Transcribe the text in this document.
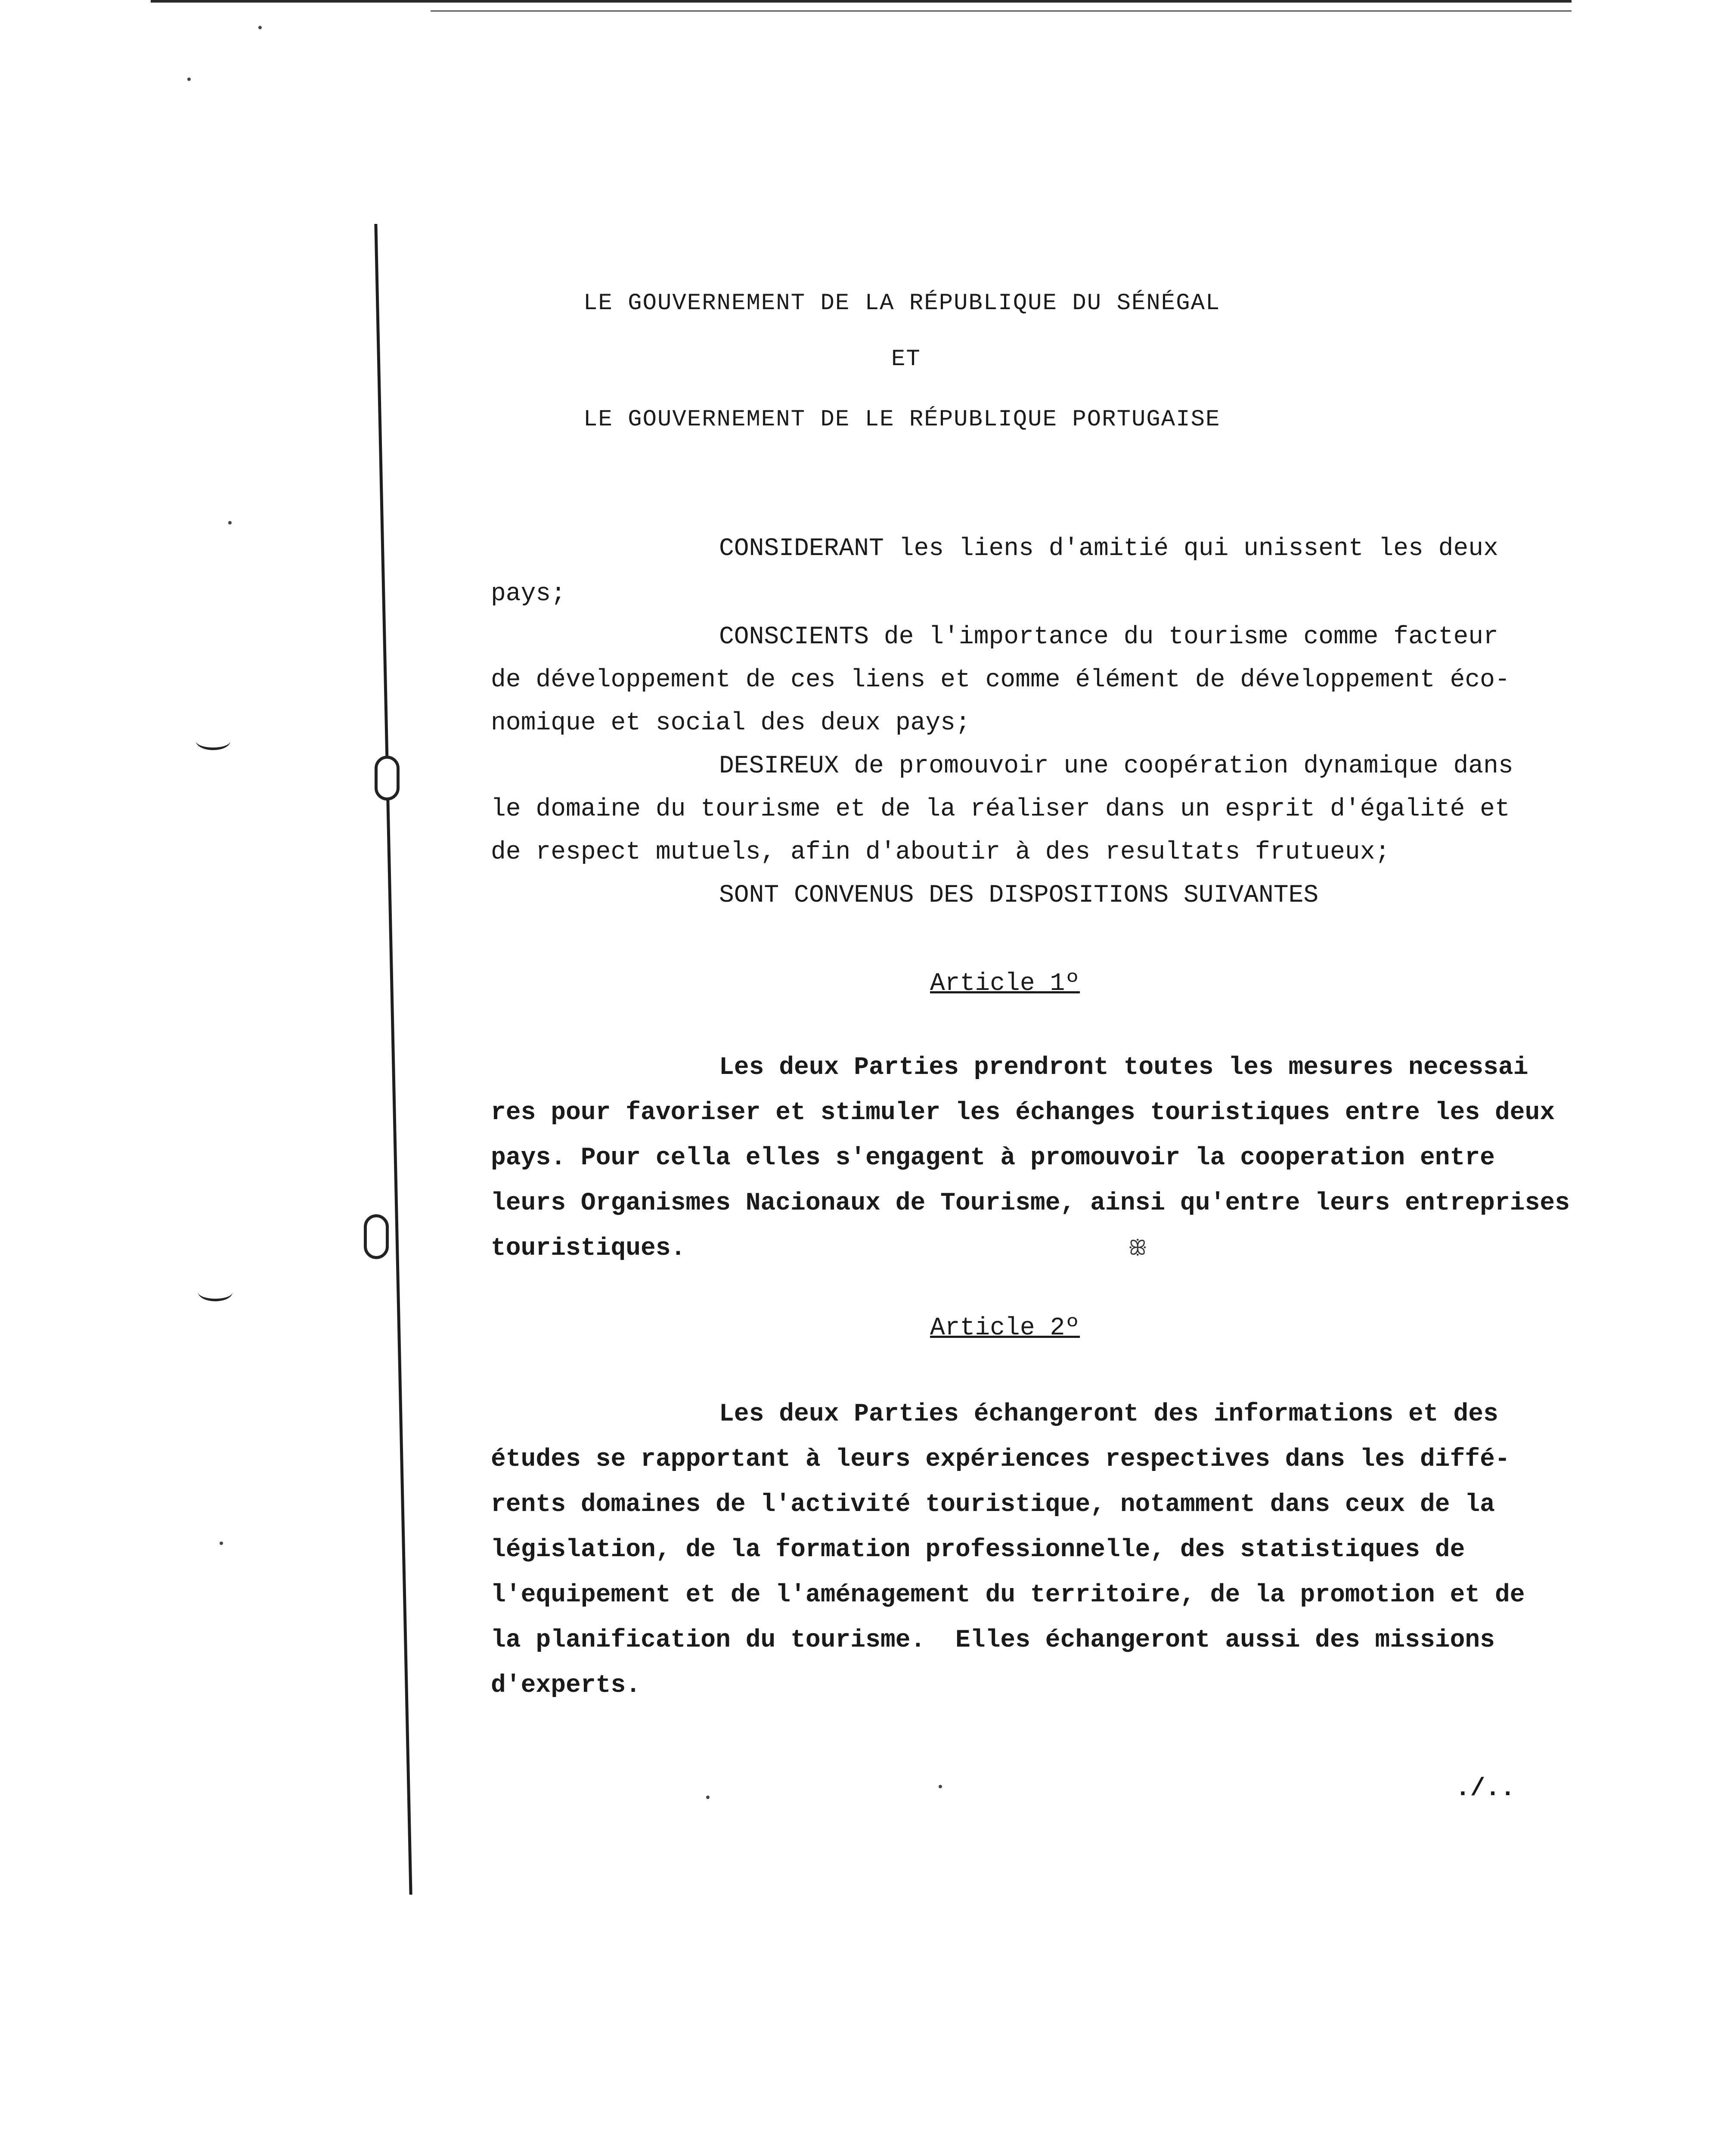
LE GOUVERNEMENT DE LA RÉPUBLIQUE DU SÉNÉGAL
ET
LE GOUVERNEMENT DE LE RÉPUBLIQUE PORTUGAISE
CONSIDERANT les liens d'amitié qui unissent les deux
pays;
CONSCIENTS de l'importance du tourisme comme facteur
de développement de ces liens et comme élément de développement éco-
nomique et social des deux pays;
DESIREUX de promouvoir une coopération dynamique dans
le domaine du tourisme et de la réaliser dans un esprit d'égalité et
de respect mutuels, afin d'aboutir à des resultats frutueux;
SONT CONVENUS DES DISPOSITIONS SUIVANTES
Article 1º
Les deux Parties prendront toutes les mesures necessai
res pour favoriser et stimuler les échanges touristiques entre les deux
pays. Pour cella elles s'engagent à promouvoir la cooperation entre
leurs Organismes Nacionaux de Tourisme, ainsi qu'entre leurs entreprises
touristiques.	ꕥ
Article 2º
Les deux Parties échangeront des informations et des
études se rapportant à leurs expériences respectives dans les diffé-
rents domaines de l'activité touristique, notamment dans ceux de la
législation, de la formation professionnelle, des statistiques de
l'equipement et de l'aménagement du territoire, de la promotion et de
la planification du tourisme.  Elles échangeront aussi des missions
d'experts.
./..
